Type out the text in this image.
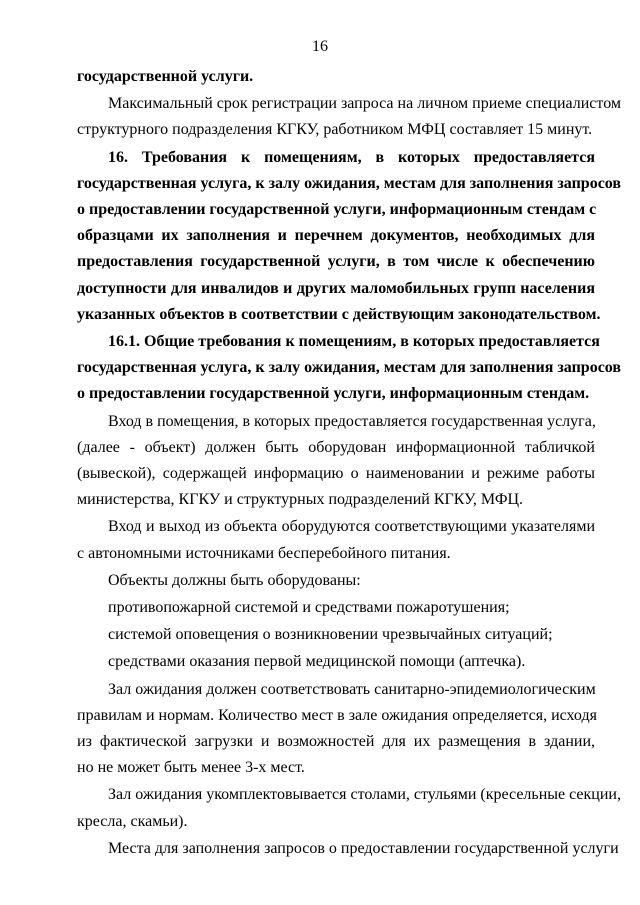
16
государственной услуги.
Максимальный срок регистрации запроса на личном приеме специалистом
структурного подразделения КГКУ, работником МФЦ составляет 15 минут.
16. Требования к помещениям, в которых предоставляется
государственная услуга, к залу ожидания, местам для заполнения запросов
о предоставлении государственной услуги, информационным стендам с
образцами их заполнения и перечнем документов, необходимых для
предоставления государственной услуги, в том числе к обеспечению
доступности для инвалидов и других маломобильных групп населения
указанных объектов в соответствии с действующим законодательством.
16.1. Общие требования к помещениям, в которых предоставляется
государственная услуга, к залу ожидания, местам для заполнения запросов
о предоставлении государственной услуги, информационным стендам.
Вход в помещения, в которых предоставляется государственная услуга,
(далее - объект) должен быть оборудован информационной табличкой
(вывеской), содержащей информацию о наименовании и режиме работы
министерства, КГКУ и структурных подразделений КГКУ, МФЦ.
Вход и выход из объекта оборудуются соответствующими указателями
с автономными источниками бесперебойного питания.
Объекты должны быть оборудованы:
противопожарной системой и средствами пожаротушения;
системой оповещения о возникновении чрезвычайных ситуаций;
средствами оказания первой медицинской помощи (аптечка).
Зал ожидания должен соответствовать санитарно-эпидемиологическим
правилам и нормам. Количество мест в зале ожидания определяется, исходя
из фактической загрузки и возможностей для их размещения в здании,
но не может быть менее 3-х мест.
Зал ожидания укомплектовывается столами, стульями (кресельные секции,
кресла, скамьи).
Места для заполнения запросов о предоставлении государственной услуги
